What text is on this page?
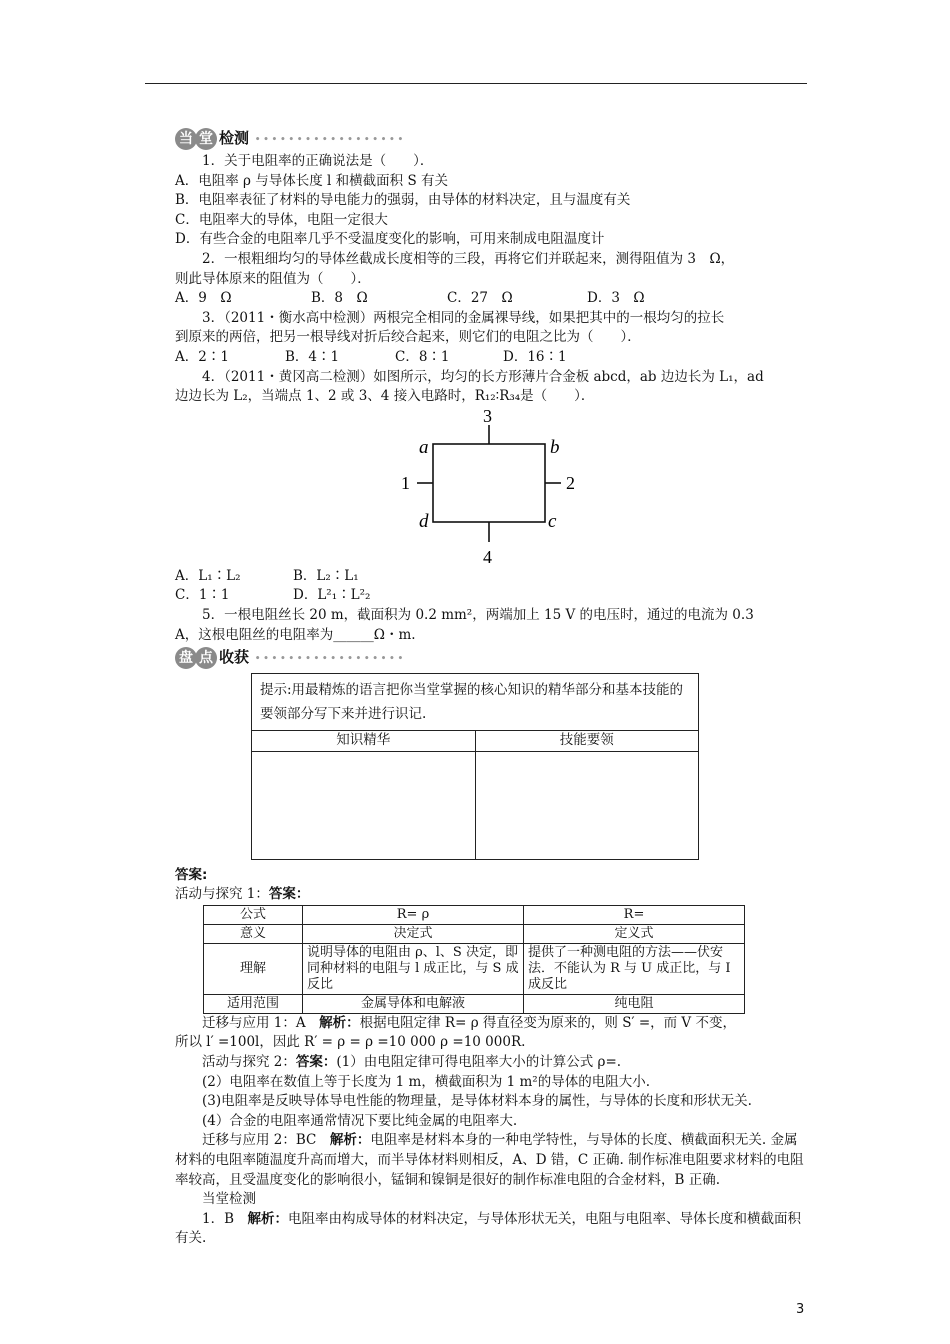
当 堂 检测 ∙∙∙∙∙∙∙∙∙∙∙∙∙∙∙∙∙∙
1．关于电阻率的正确说法是（　　）．
A．电阻率 ρ 与导体长度 l 和横截面积 S 有关
B．电阻率表征了材料的导电能力的强弱，由导体的材料决定，且与温度有关
C．电阻率大的导体，电阻一定很大
D．有些合金的电阻率几乎不受温度变化的影响，可用来制成电阻温度计
2．一根粗细均匀的导体丝截成长度相等的三段，再将它们并联起来，测得阻值为 3　Ω，
则此导体原来的阻值为（　　）．
A．9　Ω	B．8　Ω	C．27　Ω	D．3　Ω
3．（2011・衡水高中检测）两根完全相同的金属裸导线，如果把其中的一根均匀的拉长
到原来的两倍，把另一根导线对折后绞合起来，则它们的电阻之比为（　　）．
A．2∶1	B．4∶1	C．8∶1	D．16∶1
4．（2011・黄冈高二检测）如图所示，均匀的长方形薄片合金板 abcd，ab 边边长为 L₁，ad
边边长为 L₂，当端点 1、2 或 3、4 接入电路时，R₁₂∶R₃₄是（　　）．
3
4
1	2
a	b
c
d
A．L₁∶L₂	B．L₂∶L₁
C．1∶1	D．L²₁∶L²₂
5．一根电阻丝长 20 m，截面积为 0.2 mm²，两端加上 15 V 的电压时，通过的电流为 0.3
A，这根电阻丝的电阻率为______Ω・m.
盘 点 收获 ∙∙∙∙∙∙∙∙∙∙∙∙∙∙∙∙∙∙
提示:用最精炼的语言把你当堂掌握的核心知识的精华部分和基本技能的要领部分写下来并进行识记.	
知识精华	技能要领

答案:
活动与探究 1：答案：
公式	R= ρ	R=
意义	决定式	定义式
理解	说明导体的电阻由 ρ、l、S 决定，即同种材料的电阻与 l 成正比，与 S 成反比	提供了一种测电阻的方法——伏安法．不能认为 R 与 U 成正比，与 I 成反比
适用范围	金属导体和电解液	纯电阻
迁移与应用 1：A　解析：根据电阻定律 R= ρ 得直径变为原来的，则 S′ =，而 V 不变，
所以 l′ =100l，因此 R′ = ρ = ρ =10 000 ρ =10 000R.
活动与探究 2：答案：(1）由电阻定律可得电阻率大小的计算公式 ρ=.
(2）电阻率在数值上等于长度为 1 m，横截面积为 1 m²的导体的电阻大小.
(3)电阻率是反映导体导电性能的物理量，是导体材料本身的属性，与导体的长度和形状无关.
(4）合金的电阻率通常情况下要比纯金属的电阻率大.
迁移与应用 2：BC　解析：电阻率是材料本身的一种电学特性，与导体的长度、横截面积无关. 金属材料的电阻率随温度升高而增大，而半导体材料则相反，A、D 错，C 正确. 制作标准电阻要求材料的电阻率较高，且受温度变化的影响很小，锰铜和镍铜是很好的制作标准电阻的合金材料，B 正确.
当堂检测
1．B　解析：电阻率由构成导体的材料决定，与导体形状无关，电阻与电阻率、导体长度和横截面积有关.
3
